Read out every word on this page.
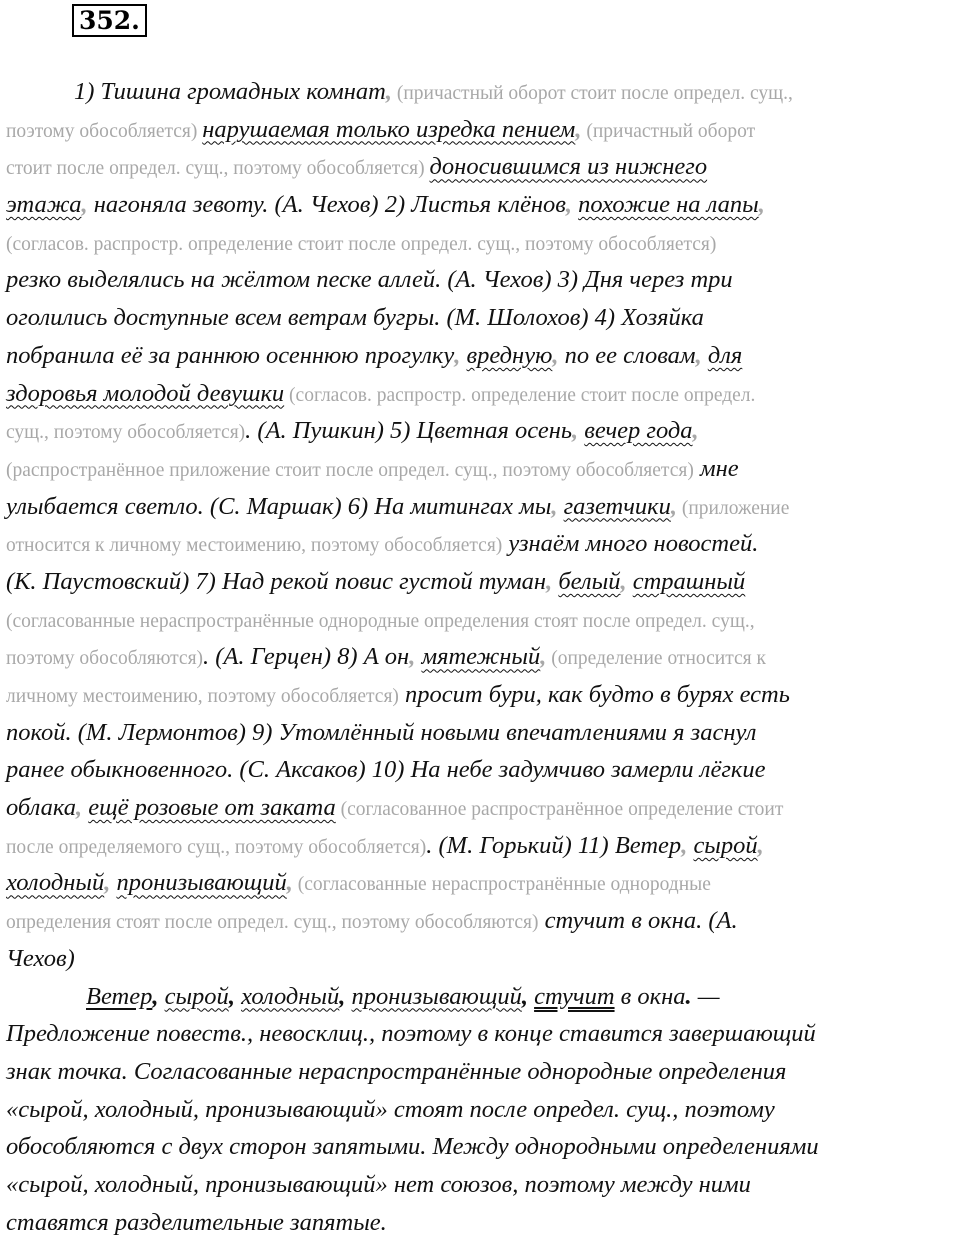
352.
1) Тишина громадных комнат, (причастный оборот стоит после определ. сущ.,
поэтому обособляется) нарушаемая только изредка пением, (причастный оборот
стоит после определ. сущ., поэтому обособляется) доносившимся из нижнего
этажа, нагоняла зевоту. (А. Чехов) 2) Листья клёнов, похожие на лапы,
(согласов. распростр. определение стоит после определ. сущ., поэтому обособляется)
резко выделялись на жёлтом песке аллей. (А. Чехов) 3) Дня через три
оголились доступные всем ветрам бугры. (М. Шолохов) 4) Хозяйка
побранила её за раннюю осеннюю прогулку, вредную, по ее словам, для
здоровья молодой девушки (согласов. распростр. определение стоит после определ.
сущ., поэтому обособляется). (А. Пушкин) 5) Цветная осень, вечер года,
(распространённое приложение стоит после определ. сущ., поэтому обособляется) мне
улыбается светло. (С. Маршак) 6) На митингах мы, газетчики, (приложение
относится к личному местоимению, поэтому обособляется) узнаём много новостей.
(К. Паустовский) 7) Над рекой повис густой туман, белый, страшный
(согласованные нераспространённые однородные определения стоят после определ. сущ.,
поэтому обособляются). (А. Герцен) 8) А он, мятежный, (определение относится к
личному местоимению, поэтому обособляется) просит бури, как будто в бурях есть
покой. (М. Лермонтов) 9) Утомлённый новыми впечатлениями я заснул
ранее обыкновенного. (С. Аксаков) 10) На небе задумчиво замерли лёгкие
облака, ещё розовые от заката (согласованное распространённое определение стоит
после определяемого сущ., поэтому обособляется). (М. Горький) 11) Ветер, сырой,
холодный, пронизывающий, (согласованные нераспространённые однородные
определения стоят после определ. сущ., поэтому обособляются) стучит в окна. (А.
Чехов)
Ветер, сырой, холодный, пронизывающий, стучит в окна. —
Предложение повеств., невосклиц., поэтому в конце ставится завершающий
знак точка. Согласованные нераспространённые однородные определения
«сырой, холодный, пронизывающий» стоят после определ. сущ., поэтому
обособляются с двух сторон запятыми. Между однородными определениями
«сырой, холодный, пронизывающий» нет союзов, поэтому между ними
ставятся разделительные запятые.
